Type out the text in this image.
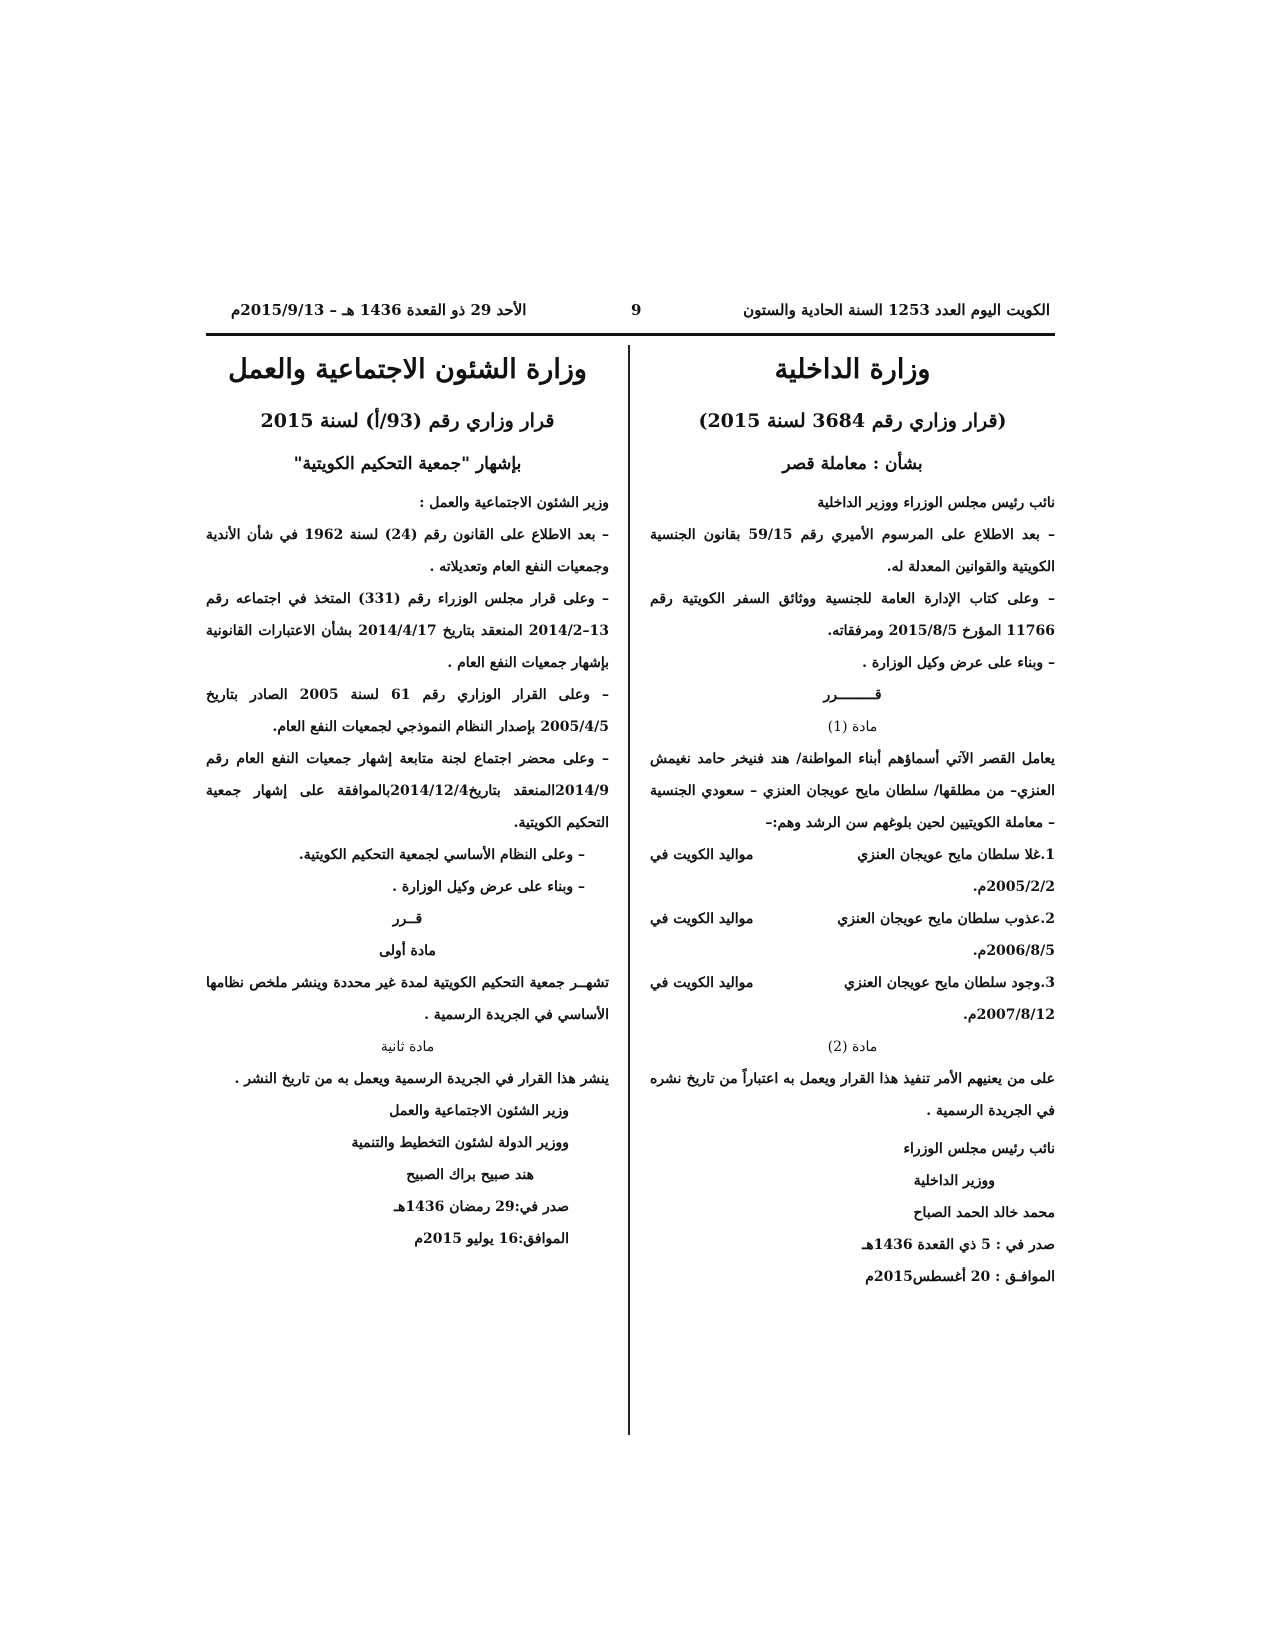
الكويت اليوم العدد 1253 السنة الحادية والستون
9
الأحد 29 ذو القعدة 1436 هـ – 2015/9/13م
وزارة الداخلية
(قرار وزاري رقم 3684 لسنة 2015)
بشأن : معاملة قصر

نائب رئيس مجلس الوزراء ووزير الداخلية

– بعد الاطلاع على المرسوم الأميري رقم 59/15 بقانون الجنسية الكويتية والقوانين المعدلة له.

– وعلى كتاب الإدارة العامة للجنسية ووثائق السفر الكويتية رقم 11766 المؤرخ 2015/8/5 ومرفقاته.

– وبناء على عرض وكيل الوزارة .

قـــــــــرر

مادة (1)

يعامل القصر الآتي أسماؤهم أبناء المواطنة/ هند فنيخر حامد نغيمش العنزي– من مطلقها/ سلطان مايح عويجان العنزي – سعودي الجنسية – معاملة الكويتيين لحين بلوغهم سن الرشد وهم:–

1.غلا سلطان مايح عويجان العنزي
مواليد الكويت في

2005/2/2م.

2.عذوب سلطان مايح عويجان العنزي
مواليد الكويت في

2006/8/5م.

3.وجود سلطان مايح عويجان العنزي
مواليد الكويت في

2007/8/12م.

مادة (2)

على من يعنيهم الأمر تنفيذ هذا القرار ويعمل به اعتباراً من تاريخ نشره في الجريدة الرسمية .

نائب رئيس مجلس الوزراء

ووزير الداخلية

محمد خالد الحمد الصباح

صدر في : 5 ذي القعدة 1436هـ

الموافـق : 20 أغسطس2015م

وزارة الشئون الاجتماعية والعمل
قرار وزاري رقم (93/أ) لسنة 2015
بإشهار "جمعية التحكيم الكويتية"

وزير الشئون الاجتماعية والعمل :

– بعد الاطلاع على القانون رقم (24) لسنة 1962 في شأن الأندية وجمعيات النفع العام وتعديلاته .

– وعلى قرار مجلس الوزراء رقم (331) المتخذ في اجتماعه رقم 13–2014/2 المنعقد بتاريخ 2014/4/17 بشأن الاعتبارات القانونية بإشهار جمعيات النفع العام .

– وعلى القرار الوزاري رقم 61 لسنة 2005 الصادر بتاريخ 2005/4/5 بإصدار النظام النموذجي لجمعيات النفع العام.

– وعلى محضر اجتماع لجنة متابعة إشهار جمعيات النفع العام رقم 2014/9المنعقد بتاريخ2014/12/4بالموافقة على إشهار جمعية التحكيم الكويتية.

– وعلى النظام الأساسي لجمعية التحكيم الكويتية.

– وبناء على عرض وكيل الوزارة .

قــرر

مادة أولى

تشهــر جمعية التحكيم الكويتية لمدة غير محددة وينشر ملخص نظامها الأساسي في الجريدة الرسمية .

مادة ثانية

ينشر هذا القرار في الجريدة الرسمية ويعمل به من تاريخ النشر .

وزير الشئون الاجتماعية والعمل

ووزير الدولة لشئون التخطيط والتنمية

هند صبيح براك الصبيح

صدر في:29 رمضان 1436هـ

الموافق:16 يوليو 2015م
